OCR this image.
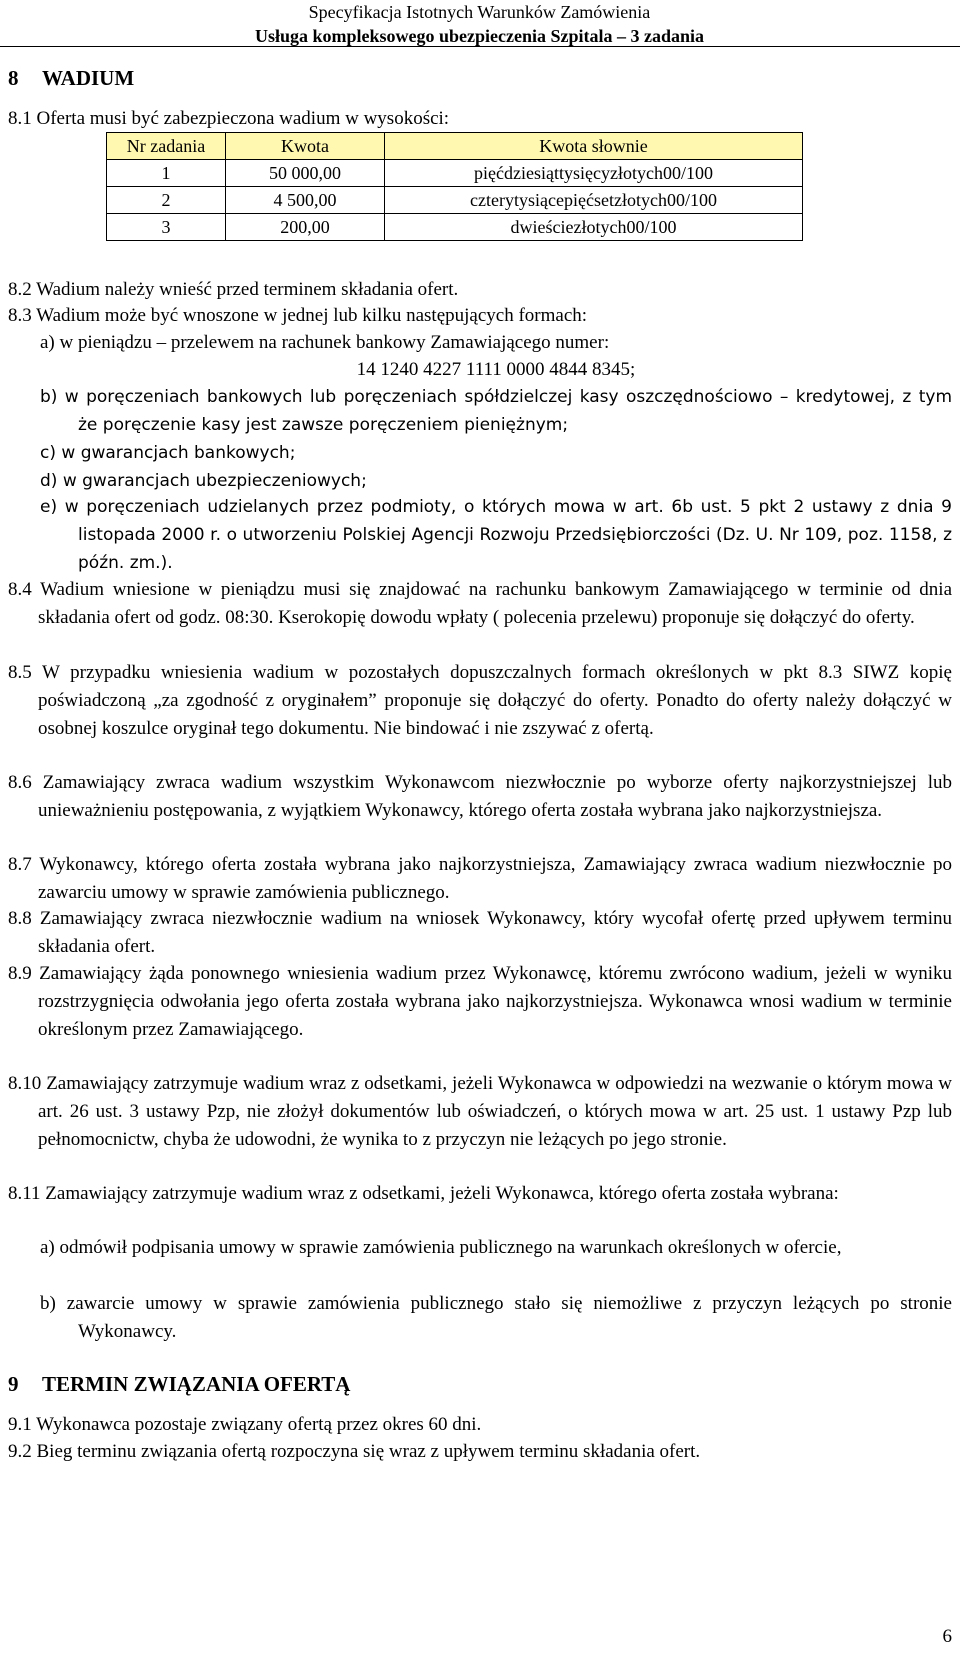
Specyfikacja Istotnych Warunków Zamówienia
Usługa kompleksowego ubezpieczenia Szpitala – 3 zadania
8 WADIUM
8.1 Oferta musi być zabezpieczona wadium w wysokości:
Nr zadania	Kwota	Kwota słownie
1	50 000,00	pięćdziesiąttysięcyzłotych00/100
2	4 500,00	czterytysiącepięćsetzłotych00/100
3	200,00	dwieściezłotych00/100
8.2 Wadium należy wnieść przed terminem składania ofert.
8.3 Wadium może być wnoszone w jednej lub kilku następujących formach:
a) w pieniądzu – przelewem na rachunek bankowy Zamawiającego numer:
14 1240 4227 1111 0000 4844 8345;
b) w poręczeniach bankowych lub poręczeniach spółdzielczej kasy oszczędnościowo – kredytowej, z tym że poręczenie kasy jest zawsze poręczeniem pieniężnym;
c) w gwarancjach bankowych;
d) w gwarancjach ubezpieczeniowych;
e) w poręczeniach udzielanych przez podmioty, o których mowa w art. 6b ust. 5 pkt 2 ustawy z dnia 9 listopada 2000 r. o utworzeniu Polskiej Agencji Rozwoju Przedsiębiorczości (Dz. U. Nr 109, poz. 1158, z późn. zm.).
8.4 Wadium wniesione w pieniądzu musi się znajdować na rachunku bankowym Zamawiającego w terminie od dnia składania ofert od godz. 08:30. Kserokopię dowodu wpłaty ( polecenia przelewu) proponuje się dołączyć do oferty.
8.5 W przypadku wniesienia wadium w pozostałych dopuszczalnych formach określonych w pkt 8.3 SIWZ kopię poświadczoną „za zgodność z oryginałem” proponuje się dołączyć do oferty. Ponadto do oferty należy dołączyć w osobnej koszulce oryginał tego dokumentu. Nie bindować i nie zszywać z ofertą.
8.6 Zamawiający zwraca wadium wszystkim Wykonawcom niezwłocznie po wyborze oferty najkorzystniejszej lub unieważnieniu postępowania, z wyjątkiem Wykonawcy, którego oferta została wybrana jako najkorzystniejsza.
8.7 Wykonawcy, którego oferta została wybrana jako najkorzystniejsza, Zamawiający zwraca wadium niezwłocznie po zawarciu umowy w sprawie zamówienia publicznego.
8.8 Zamawiający zwraca niezwłocznie wadium na wniosek Wykonawcy, który wycofał ofertę przed upływem terminu składania ofert.
8.9 Zamawiający żąda ponownego wniesienia wadium przez Wykonawcę, któremu zwrócono wadium, jeżeli w wyniku rozstrzygnięcia odwołania jego oferta została wybrana jako najkorzystniejsza. Wykonawca wnosi wadium w terminie określonym przez Zamawiającego.
8.10 Zamawiający zatrzymuje wadium wraz z odsetkami, jeżeli Wykonawca w odpowiedzi na wezwanie o którym mowa w art. 26 ust. 3 ustawy Pzp, nie złożył dokumentów lub oświadczeń, o których mowa w art. 25 ust. 1 ustawy Pzp lub pełnomocnictw, chyba że udowodni, że wynika to z przyczyn nie leżących po jego stronie.
8.11 Zamawiający zatrzymuje wadium wraz z odsetkami, jeżeli Wykonawca, którego oferta została wybrana:
a) odmówił podpisania umowy w sprawie zamówienia publicznego na warunkach określonych w ofercie,
b) zawarcie umowy w sprawie zamówienia publicznego stało się niemożliwe z przyczyn leżących po stronie Wykonawcy.
9 TERMIN ZWIĄZANIA OFERTĄ
9.1 Wykonawca pozostaje związany ofertą przez okres 60 dni.
9.2 Bieg terminu związania ofertą rozpoczyna się wraz z upływem terminu składania ofert.
6
